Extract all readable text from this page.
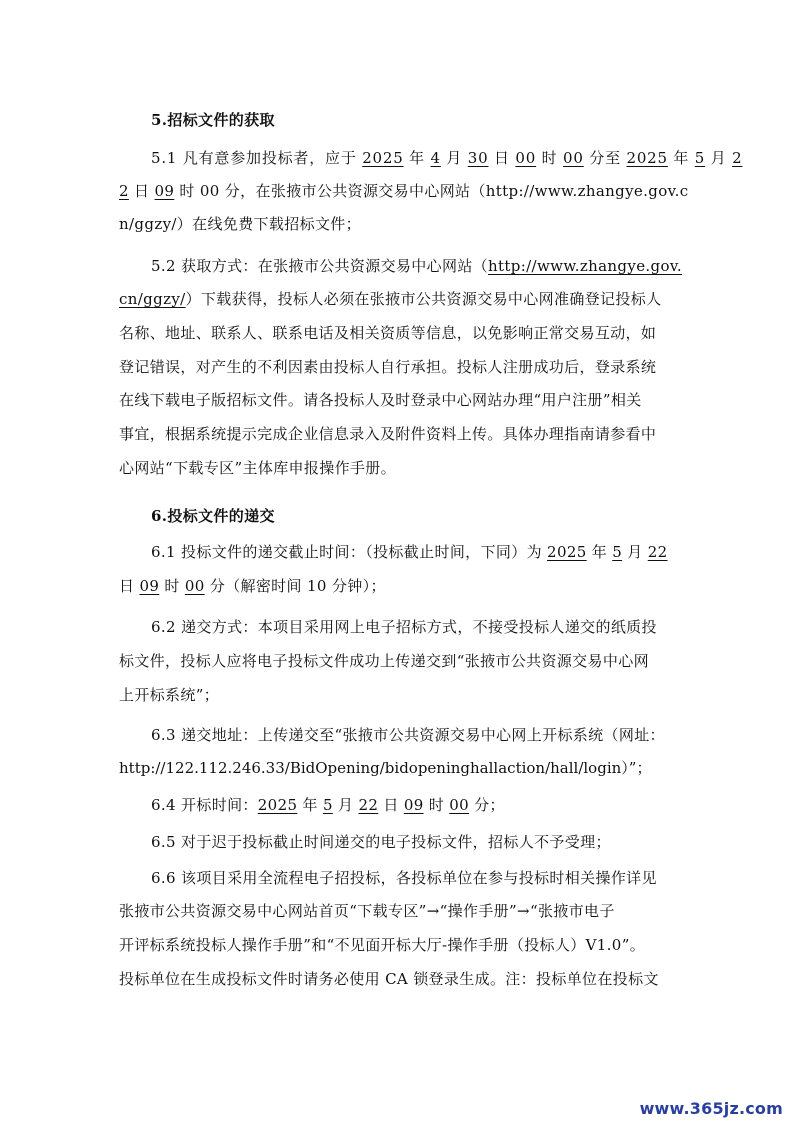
5.招标文件的获取
5.1 凡有意参加投标者，应于 2025 年 4 月 30 日 00 时 00 分至 2025 年 5 月 2
2 日 09 时 00 分，在张掖市公共资源交易中心网站（http://www.zhangye.gov.c
n/ggzy/）在线免费下载招标文件；
5.2 获取方式：在张掖市公共资源交易中心网站（http://www.zhangye.gov.
cn/ggzy/）下载获得，投标人必须在张掖市公共资源交易中心网准确登记投标人
名称、地址、联系人、联系电话及相关资质等信息，以免影响正常交易互动，如
登记错误，对产生的不利因素由投标人自行承担。投标人注册成功后，登录系统
在线下载电子版招标文件。请各投标人及时登录中心网站办理“用户注册”相关
事宜，根据系统提示完成企业信息录入及附件资料上传。具体办理指南请参看中
心网站“下载专区”主体库申报操作手册。
6.投标文件的递交
6.1 投标文件的递交截止时间：（投标截止时间，下同）为 2025 年 5 月 22
日 09 时 00 分（解密时间 10 分钟）；
6.2 递交方式：本项目采用网上电子招标方式，不接受投标人递交的纸质投
标文件，投标人应将电子投标文件成功上传递交到“张掖市公共资源交易中心网
上开标系统”；
6.3 递交地址：上传递交至“张掖市公共资源交易中心网上开标系统（网址：
http://122.112.246.33/BidOpening/bidopeninghallaction/hall/login）”；
6.4 开标时间：2025 年 5 月 22 日 09 时 00 分；
6.5 对于迟于投标截止时间递交的电子投标文件，招标人不予受理；
6.6 该项目采用全流程电子招投标，各投标单位在参与投标时相关操作详见
张掖市公共资源交易中心网站首页“下载专区”→“操作手册”→“张掖市电子
开评标系统投标人操作手册”和“不见面开标大厅-操作手册（投标人）V1.0”。
投标单位在生成投标文件时请务必使用 CA 锁登录生成。注：投标单位在投标文
www.365jz.com
